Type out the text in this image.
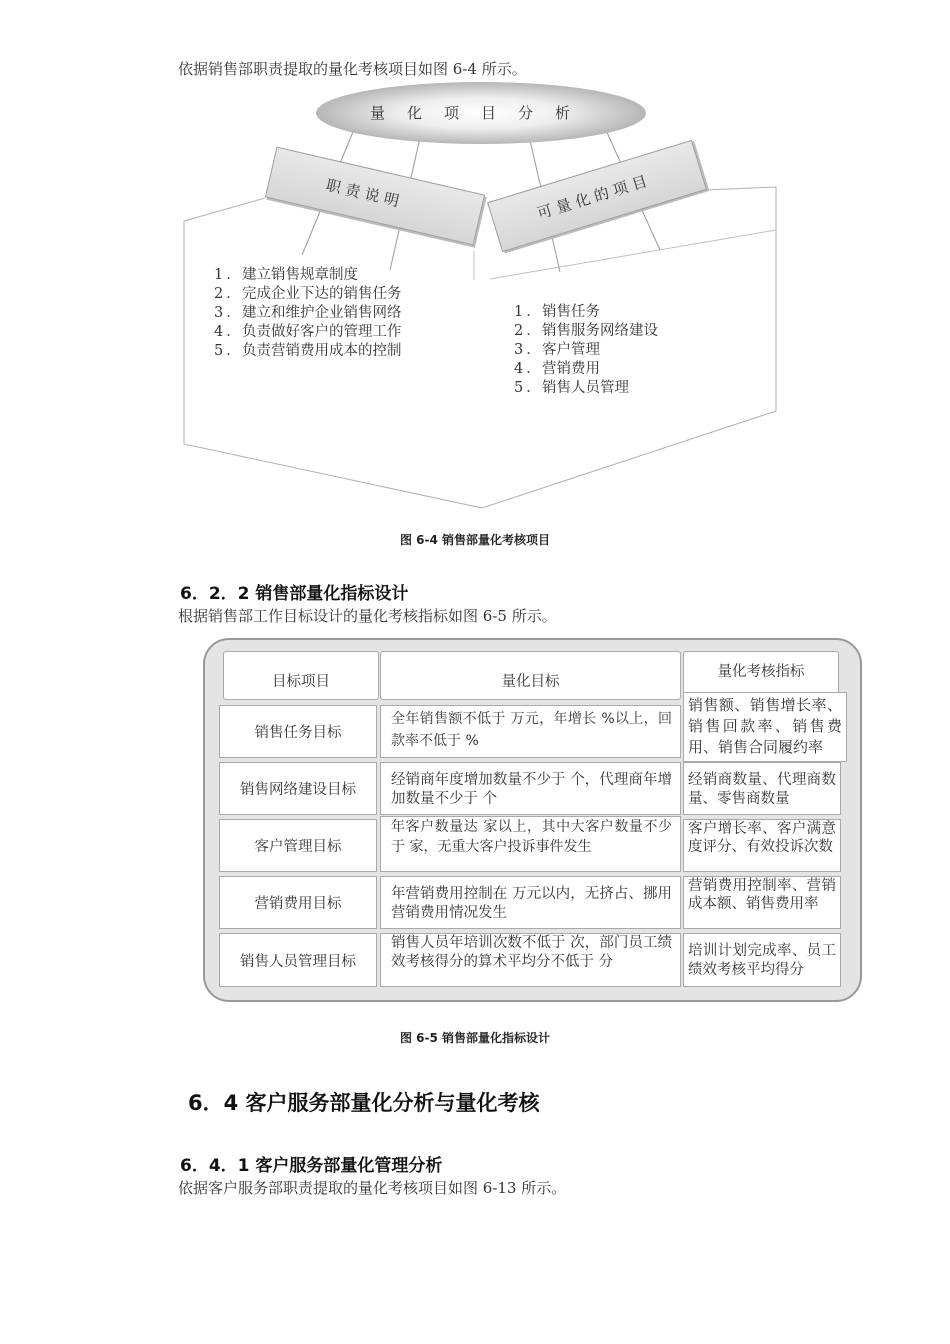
依据销售部职责提取的量化考核项目如图 6-4 所示。
量化项目分析
职 责 说 明	可 量 化 的 项 目
1．建立销售规章制度
2．完成企业下达的销售任务
3．建立和维护企业销售网络
4．负责做好客户的管理工作
5．负责营销费用成本的控制
1．销售任务
2．销售服务网络建设
3．客户管理
4．营销费用
5．销售人员管理
图 6-4 销售部量化考核项目
6．2．2 销售部量化指标设计
根据销售部工作目标设计的量化考核指标如图 6-5 所示。
目标项目	量化目标
量化考核指标
销售任务目标
全年销售额不低于 万元，年增长 %以上，回款率不低于 %
销售额、销售增长率、销售回款率、销售费用、销售合同履约率
销售网络建设目标
经销商年度增加数量不少于 个，代理商年增加数量不少于 个
经销商数量、代理商数量、零售商数量
客户管理目标
年客户数量达 家以上，其中大客户数量不少于 家，无重大客户投诉事件发生
客户增长率、客户满意度评分、有效投诉次数
营销费用目标
年营销费用控制在 万元以内，无挤占、挪用营销费用情况发生
营销费用控制率、营销成本额、销售费用率
销售人员管理目标
销售人员年培训次数不低于 次，部门员工绩效考核得分的算术平均分不低于 分
培训计划完成率、员工绩效考核平均得分
图 6-5 销售部量化指标设计
6．4 客户服务部量化分析与量化考核
6．4．1 客户服务部量化管理分析
依据客户服务部职责提取的量化考核项目如图 6-13 所示。
